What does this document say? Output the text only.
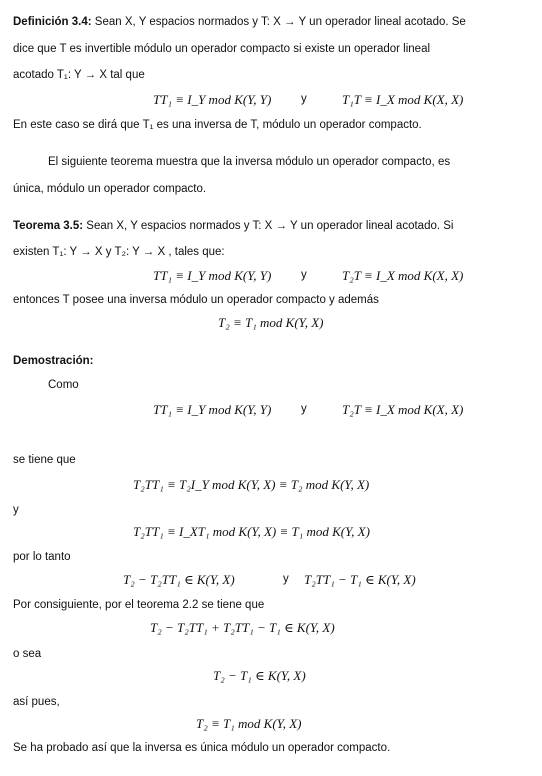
Definición 3.4: Sean X, Y espacios normados y T: X → Y un operador lineal acotado. Se
dice que T es invertible módulo un operador compacto si existe un operador lineal
acotado T₁: Y → X tal que
TT₁ ≡ I_Y mod K(Y, Y)	y	T₁T ≡ I_X mod K(X, X)
En este caso se dirá que T₁ es una inversa de T, módulo un operador compacto.
El siguiente teorema muestra que la inversa módulo un operador compacto, es
única, módulo un operador compacto.
Teorema 3.5: Sean X, Y espacios normados y T: X → Y un operador lineal acotado. Si
existen T₁: Y → X y T₂: Y → X , tales que:
TT₁ ≡ I_Y mod K(Y, Y)	y	T₂T ≡ I_X mod K(X, X)
entonces T posee una inversa módulo un operador compacto y además
T₂ ≡ T₁ mod K(Y, X)
Demostración:
Como
TT₁ ≡ I_Y mod K(Y, Y)	y	T₂T ≡ I_X mod K(X, X)
se tiene que
T₂TT₁ ≡ T₂I_Y mod K(Y, X) ≡ T₂ mod K(Y, X)
y
T₂TT₁ ≡ I_XT₁ mod K(Y, X) ≡ T₁ mod K(Y, X)
por lo tanto
T₂ − T₂TT₁ ∈ K(Y, X)	y T₂TT₁ − T₁ ∈ K(Y, X)
Por consiguiente, por el teorema 2.2 se tiene que
T₂ − T₂TT₁ + T₂TT₁ − T₁ ∈ K(Y, X)
o sea
T₂ − T₁ ∈ K(Y, X)
así pues,
T₂ ≡ T₁ mod K(Y, X)
Se ha probado así que la inversa es única módulo un operador compacto.
